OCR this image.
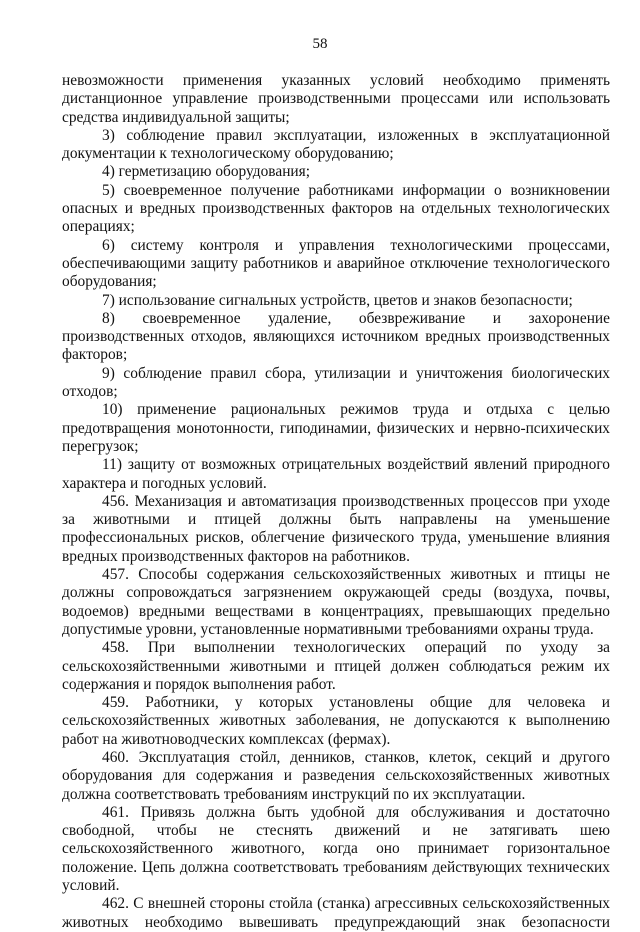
58

невозможности применения указанных условий необходимо применять дистанционное управление производственными процессами или использовать средства индивидуальной защиты;

3) соблюдение правил эксплуатации, изложенных в эксплуатационной документации к технологическому оборудованию;

4) герметизацию оборудования;

5) своевременное получение работниками информации о возникновении опасных и вредных производственных факторов на отдельных технологических операциях;

6) систему контроля и управления технологическими процессами, обеспечивающими защиту работников и аварийное отключение технологического оборудования;

7) использование сигнальных устройств, цветов и знаков безопасности;

8) своевременное удаление, обезвреживание и захоронение производственных отходов, являющихся источником вредных производственных факторов;

9) соблюдение правил сбора, утилизации и уничтожения биологических отходов;

10) применение рациональных режимов труда и отдыха с целью предотвращения монотонности, гиподинамии, физических и нервно-психических перегрузок;

11) защиту от возможных отрицательных воздействий явлений природного характера и погодных условий.

456. Механизация и автоматизация производственных процессов при уходе за животными и птицей должны быть направлены на уменьшение профессиональных рисков, облегчение физического труда, уменьшение влияния вредных производственных факторов на работников.

457. Способы содержания сельскохозяйственных животных и птицы не должны сопровождаться загрязнением окружающей среды (воздуха, почвы, водоемов) вредными веществами в концентрациях, превышающих предельно допустимые уровни, установленные нормативными требованиями охраны труда.

458. При выполнении технологических операций по уходу за сельскохозяйственными животными и птицей должен соблюдаться режим их содержания и порядок выполнения работ.

459. Работники, у которых установлены общие для человека и сельскохозяйственных животных заболевания, не допускаются к выполнению работ на животноводческих комплексах (фермах).

460. Эксплуатация стойл, денников, станков, клеток, секций и другого оборудования для содержания и разведения сельскохозяйственных животных должна соответствовать требованиям инструкций по их эксплуатации.

461. Привязь должна быть удобной для обслуживания и достаточно свободной, чтобы не стеснять движений и не затягивать шею сельскохозяйственного животного, когда оно принимает горизонтальное положение. Цепь должна соответствовать требованиям действующих технических условий.

462. С внешней стороны стойла (станка) агрессивных сельскохозяйственных животных необходимо вывешивать предупреждающий знак безопасности
